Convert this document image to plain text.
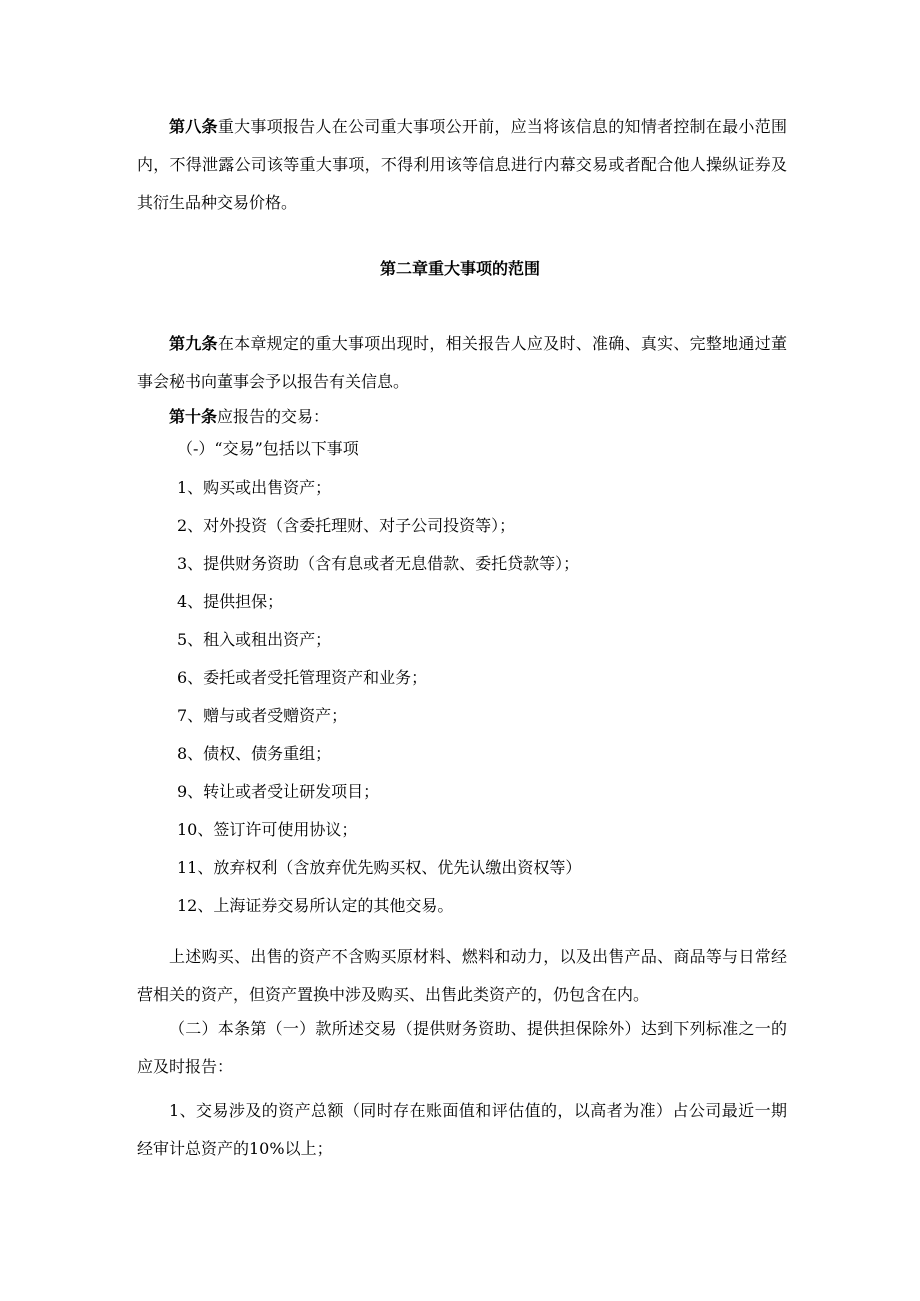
第八条重大事项报告人在公司重大事项公开前，应当将该信息的知情者控制在最小范围内，不得泄露公司该等重大事项，不得利用该等信息进行内幕交易或者配合他人操纵证券及其衍生品种交易价格。

第二章重大事项的范围

第九条在本章规定的重大事项出现时，相关报告人应及时、准确、真实、完整地通过董事会秘书向董事会予以报告有关信息。

第十条应报告的交易：

（-）“交易”包括以下事项

1、购买或出售资产；

2、对外投资（含委托理财、对子公司投资等）；

3、提供财务资助（含有息或者无息借款、委托贷款等）；

4、提供担保；

5、租入或租出资产；

6、委托或者受托管理资产和业务；

7、赠与或者受赠资产；

8、债权、债务重组；

9、转让或者受让研发项目；

10、签订许可使用协议；

11、放弃权利（含放弃优先购买权、优先认缴出资权等）

12、上海证券交易所认定的其他交易。

上述购买、出售的资产不含购买原材料、燃料和动力，以及出售产品、商品等与日常经营相关的资产，但资产置换中涉及购买、出售此类资产的，仍包含在内。

（二）本条第（一）款所述交易（提供财务资助、提供担保除外）达到下列标准之一的应及时报告：

1、交易涉及的资产总额（同时存在账面值和评估值的，以高者为准）占公司最近一期经审计总资产的10%以上；
